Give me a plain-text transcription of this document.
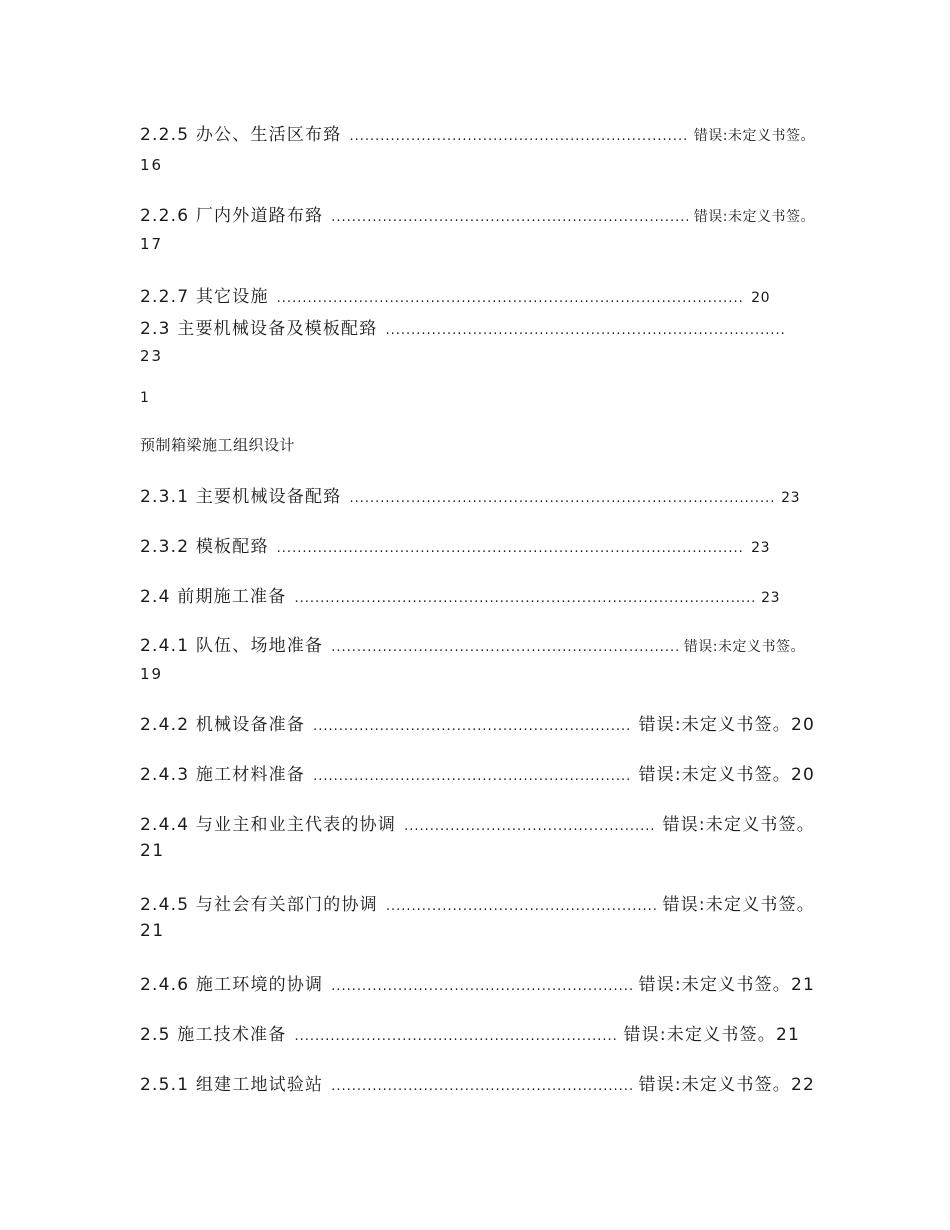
2.2.5 办公、生活区布臵 .....	错误:未定义书签。
16
2.2.6 厂内外道路布臵 .....	错误:未定义书签。
17
2.2.7 其它设施 .....	20
2.3 主要机械设备及模板配臵
.....
23
1
预制箱梁施工组织设计
2.3.1 主要机械设备配臵 .....	23
2.3.2 模板配臵 .....	23
2.4 前期施工准备 .....	23
2.4.1 队伍、场地准备 .....	错误:未定义书签。
19
2.4.2 机械设备准备 .....	错误:未定义书签。20
2.4.3 施工材料准备 .....	错误:未定义书签。20
2.4.4 与业主和业主代表的协调 .....	错误:未定义书签。
21
2.4.5 与社会有关部门的协调 .....	错误:未定义书签。
21
2.4.6 施工环境的协调 .....	错误:未定义书签。21
2.5 施工技术准备 .....	错误:未定义书签。21
2.5.1 组建工地试验站 .....	错误:未定义书签。22
